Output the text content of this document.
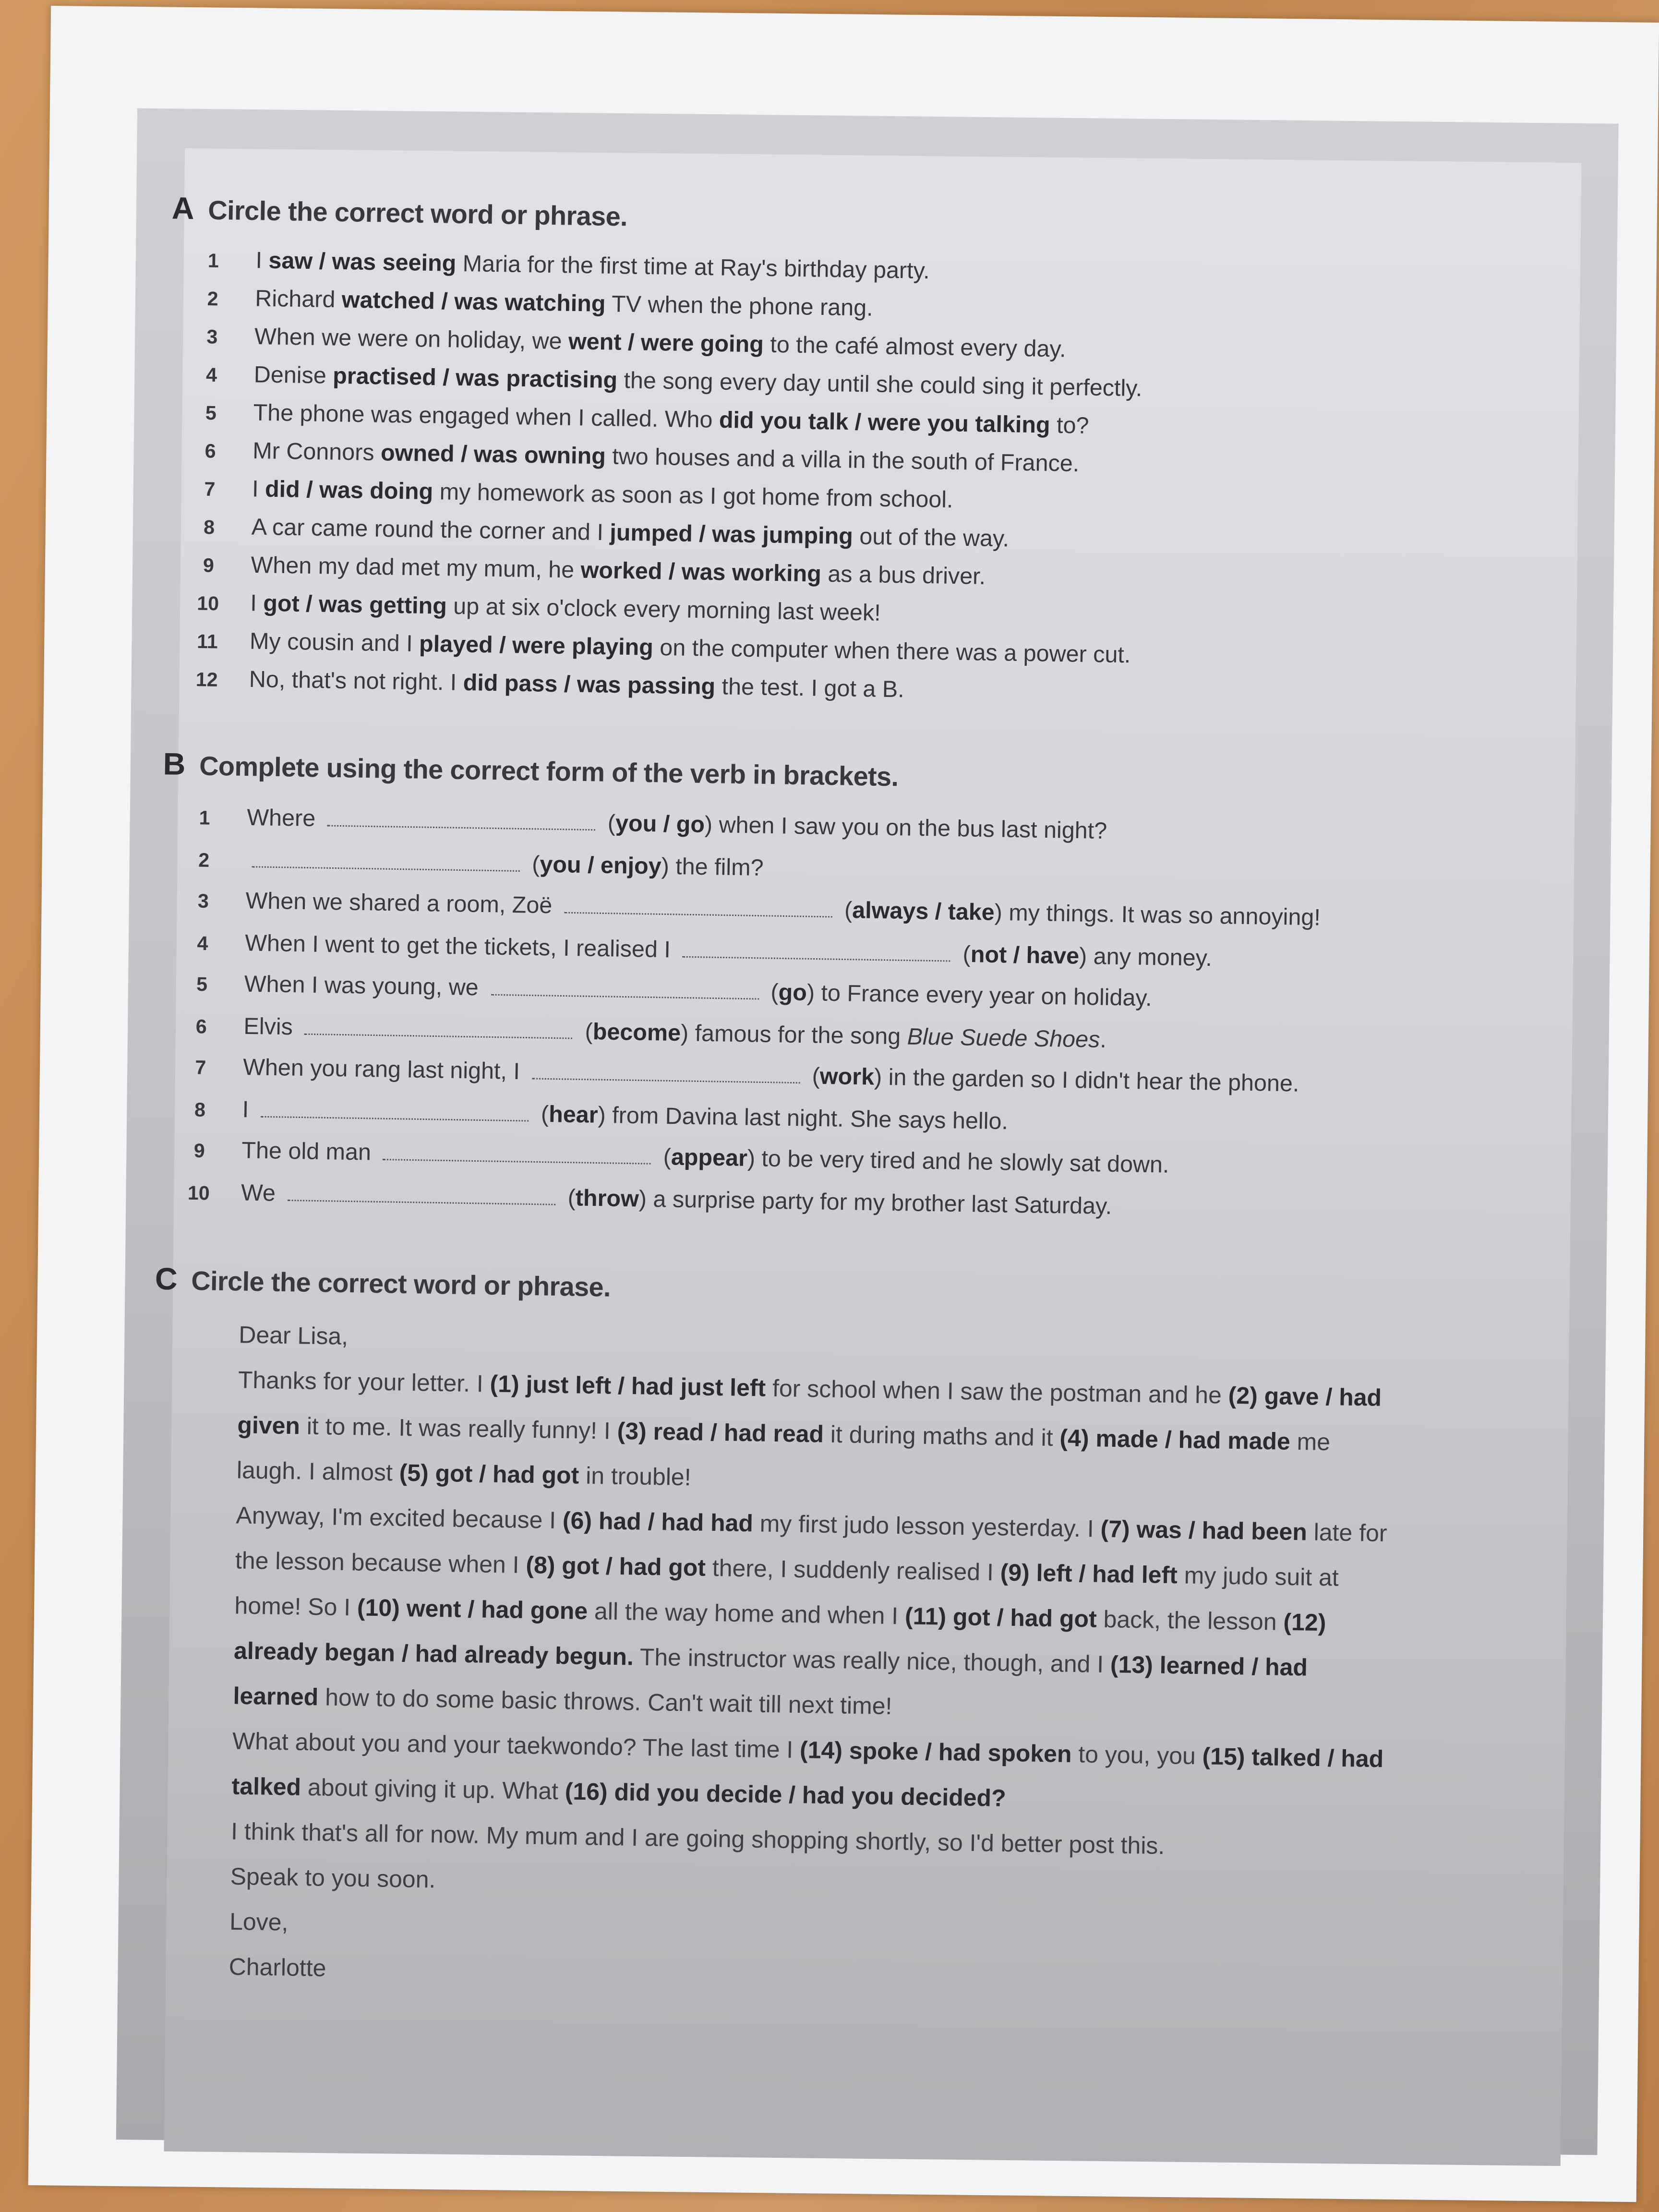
A Circle the correct word or phrase.
1	I saw / was seeing Maria for the first time at Ray's birthday party.
2	Richard watched / was watching TV when the phone rang.
3	When we were on holiday, we went / were going to the café almost every day.
4	Denise practised / was practising the song every day until she could sing it perfectly.
5	The phone was engaged when I called. Who did you talk / were you talking to?
6	Mr Connors owned / was owning two houses and a villa in the south of France.
7	I did / was doing my homework as soon as I got home from school.
8	A car came round the corner and I jumped / was jumping out of the way.
9	When my dad met my mum, he worked / was working as a bus driver.
10	I got / was getting up at six o'clock every morning last week!
11	My cousin and I played / were playing on the computer when there was a power cut.
12	No, that's not right. I did pass / was passing the test. I got a B.
B Complete using the correct form of the verb in brackets.
1	Where	(you / go) when I saw you on the bus last night?
2	(you / enjoy) the film?
3	When we shared a room, Zoë	(always / take) my things. It was so annoying!
4	When I went to get the tickets, I realised I	(not / have) any money.
5	When I was young, we	(go) to France every year on holiday.
6	Elvis	(become) famous for the song Blue Suede Shoes.
7	When you rang last night, I	(work) in the garden so I didn't hear the phone.
8	I	(hear) from Davina last night. She says hello.
9	The old man	(appear) to be very tired and he slowly sat down.
10	We	(throw) a surprise party for my brother last Saturday.
C Circle the correct word or phrase.

Dear Lisa,

Thanks for your letter. I (1) just left / had just left for school when I saw the postman and he (2) gave / had given it to me. It was really funny! I (3) read / had read it during maths and it (4) made / had made me laugh. I almost (5) got / had got in trouble!

Anyway, I'm excited because I (6) had / had had my first judo lesson yesterday. I (7) was / had been late for the lesson because when I (8) got / had got there, I suddenly realised I (9) left / had left my judo suit at home! So I (10) went / had gone all the way home and when I (11) got / had got back, the lesson (12) already began / had already begun. The instructor was really nice, though, and I (13) learned / had learned how to do some basic throws. Can't wait till next time!

What about you and your taekwondo? The last time I (14) spoke / had spoken to you, you (15) talked / had talked about giving it up. What (16) did you decide / had you decided?

I think that's all for now. My mum and I are going shopping shortly, so I'd better post this.

Speak to you soon.

Love,

Charlotte
